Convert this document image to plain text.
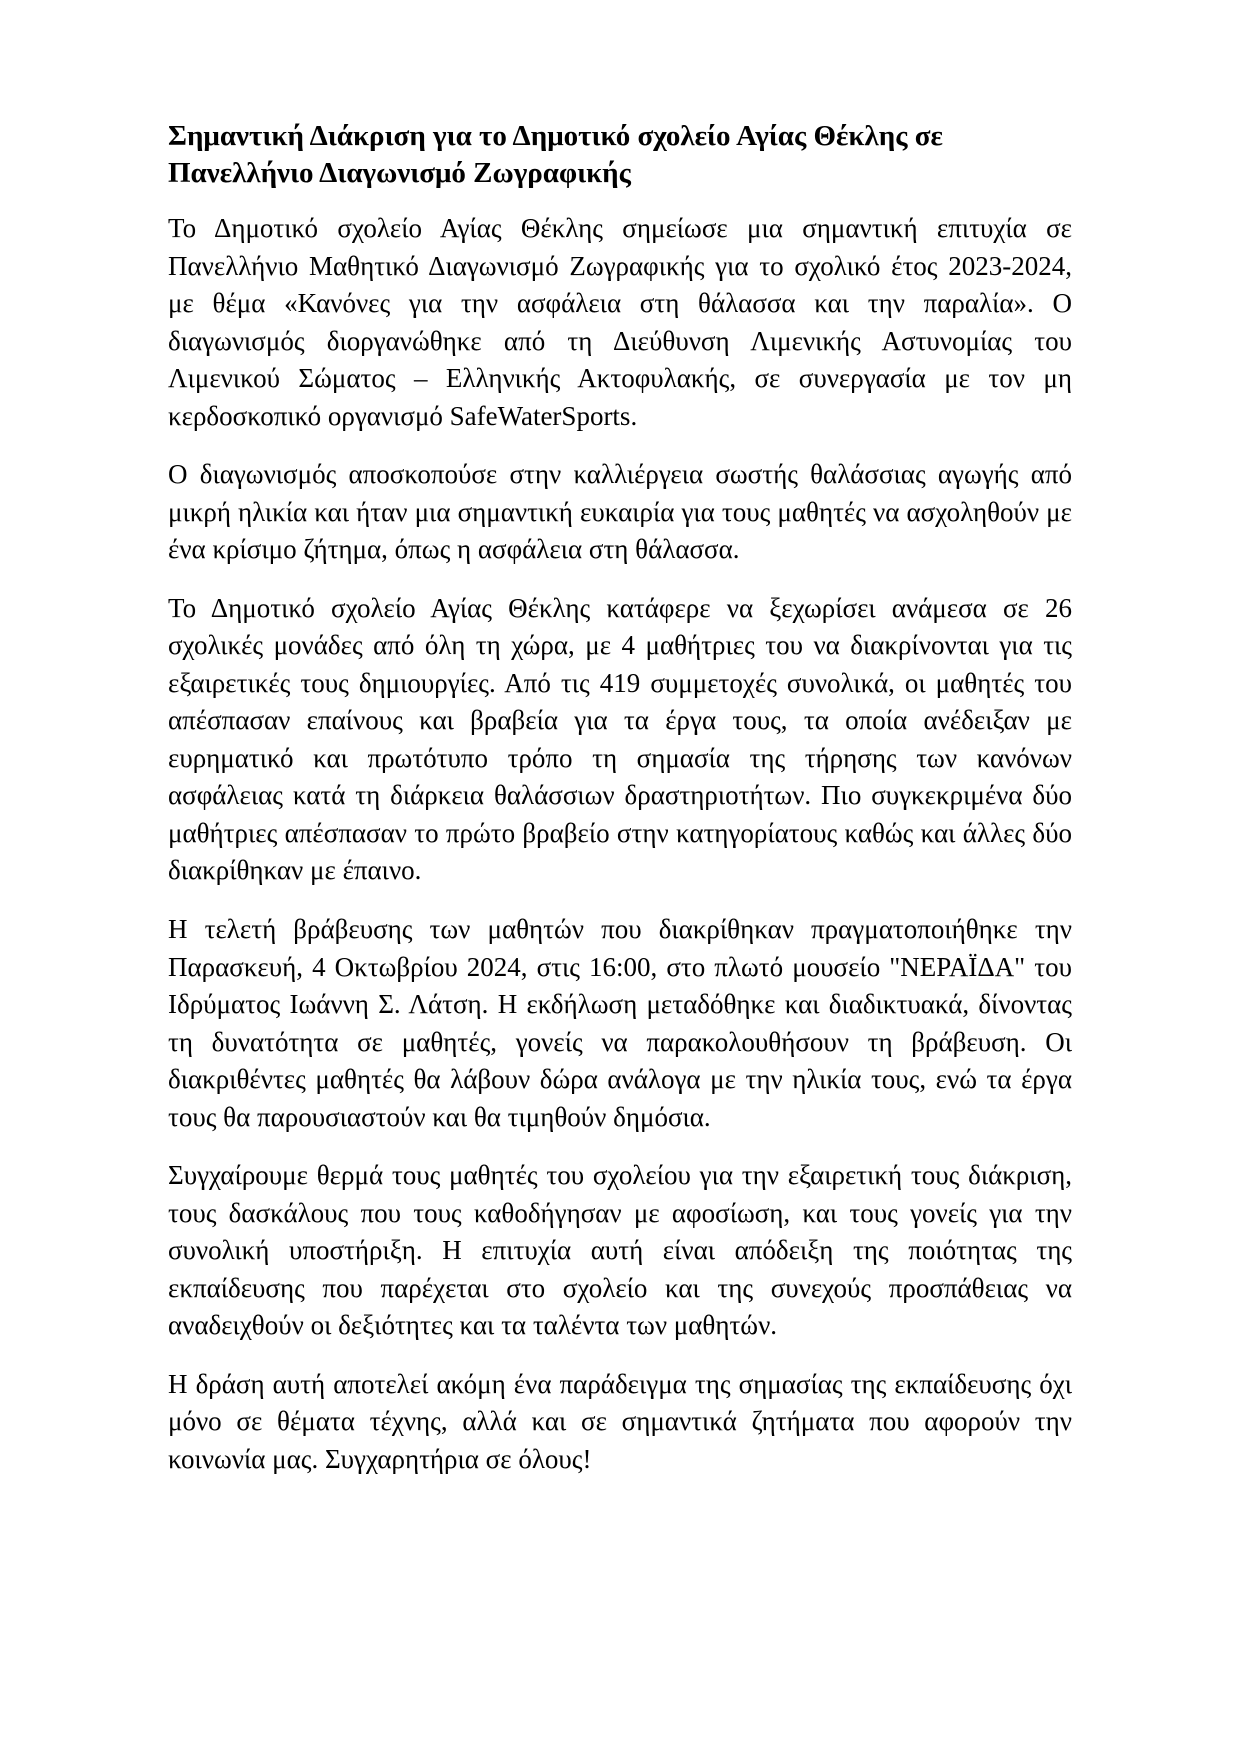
Σημαντική Διάκριση για το Δημοτικό σχολείο Αγίας Θέκλης σε Πανελλήνιο Διαγωνισμό Ζωγραφικής

Το Δημοτικό σχολείο Αγίας Θέκλης σημείωσε μια σημαντική επιτυχία σε Πανελλήνιο Μαθητικό Διαγωνισμό Ζωγραφικής για το σχολικό έτος 2023-2024, με θέμα «Κανόνες για την ασφάλεια στη θάλασσα και την παραλία». Ο διαγωνισμός διοργανώθηκε από τη Διεύθυνση Λιμενικής Αστυνομίας του Λιμενικού Σώματος – Ελληνικής Ακτοφυλακής, σε συνεργασία με τον μη κερδοσκοπικό οργανισμό SafeWaterSports.

Ο διαγωνισμός αποσκοπούσε στην καλλιέργεια σωστής θαλάσσιας αγωγής από μικρή ηλικία και ήταν μια σημαντική ευκαιρία για τους μαθητές να ασχοληθούν με ένα κρίσιμο ζήτημα, όπως η ασφάλεια στη θάλασσα.

Το Δημοτικό σχολείο Αγίας Θέκλης κατάφερε να ξεχωρίσει ανάμεσα σε 26 σχολικές μονάδες από όλη τη χώρα, με 4 μαθήτριες του να διακρίνονται για τις εξαιρετικές τους δημιουργίες. Από τις 419 συμμετοχές συνολικά, οι μαθητές του απέσπασαν επαίνους και βραβεία για τα έργα τους, τα οποία ανέδειξαν με ευρηματικό και πρωτότυπο τρόπο τη σημασία της τήρησης των κανόνων ασφάλειας κατά τη διάρκεια θαλάσσιων δραστηριοτήτων. Πιο συγκεκριμένα δύο μαθήτριες απέσπασαν το πρώτο βραβείο στην κατηγορίατους καθώς και άλλες δύο διακρίθηκαν με έπαινο.

Η τελετή βράβευσης των μαθητών που διακρίθηκαν πραγματοποιήθηκε την Παρασκευή, 4 Οκτωβρίου 2024, στις 16:00, στο πλωτό μουσείο "ΝΕΡΑΪΔΑ" του Ιδρύματος Ιωάννη Σ. Λάτση. Η εκδήλωση μεταδόθηκε και διαδικτυακά, δίνοντας τη δυνατότητα σε μαθητές, γονείς να παρακολουθήσουν τη βράβευση. Οι διακριθέντες μαθητές θα λάβουν δώρα ανάλογα με την ηλικία τους, ενώ τα έργα τους θα παρουσιαστούν και θα τιμηθούν δημόσια.

Συγχαίρουμε θερμά τους μαθητές του σχολείου για την εξαιρετική τους διάκριση, τους δασκάλους που τους καθοδήγησαν με αφοσίωση, και τους γονείς για την συνολική υποστήριξη. Η επιτυχία αυτή είναι απόδειξη της ποιότητας της εκπαίδευσης που παρέχεται στο σχολείο και της συνεχούς προσπάθειας να αναδειχθούν οι δεξιότητες και τα ταλέντα των μαθητών.

Η δράση αυτή αποτελεί ακόμη ένα παράδειγμα της σημασίας της εκπαίδευσης όχι μόνο σε θέματα τέχνης, αλλά και σε σημαντικά ζητήματα που αφορούν την κοινωνία μας. Συγχαρητήρια σε όλους!
